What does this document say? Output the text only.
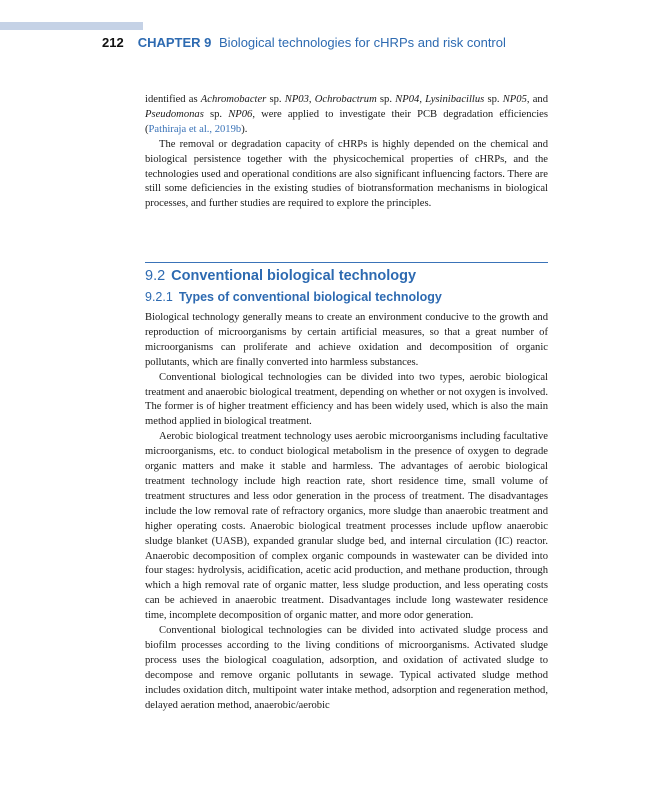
212 CHAPTER 9 Biological technologies for cHRPs and risk control

identified as Achromobacter sp. NP03, Ochrobactrum sp. NP04, Lysinibacillus sp. NP05, and Pseudomonas sp. NP06, were applied to investigate their PCB degradation efficiencies (Pathiraja et al., 2019b).

The removal or degradation capacity of cHRPs is highly depended on the chemical and biological persistence together with the physicochemical properties of cHRPs, and the technologies used and operational conditions are also significant influencing factors. There are still some deficiencies in the existing studies of biotransformation mechanisms in biological processes, and further studies are required to explore the principles.

9.2 Conventional biological technology
9.2.1 Types of conventional biological technology

Biological technology generally means to create an environment conducive to the growth and reproduction of microorganisms by certain artificial measures, so that a great number of microorganisms can proliferate and achieve oxidation and decomposition of organic pollutants, which are finally converted into harmless substances.

Conventional biological technologies can be divided into two types, aerobic biological treatment and anaerobic biological treatment, depending on whether or not oxygen is involved. The former is of higher treatment efficiency and has been widely used, which is also the main method applied in biological treatment.

Aerobic biological treatment technology uses aerobic microorganisms including facultative microorganisms, etc. to conduct biological metabolism in the presence of oxygen to degrade organic matters and make it stable and harmless. The advantages of aerobic biological treatment technology include high reaction rate, short residence time, small volume of treatment structures and less odor generation in the process of treatment. The disadvantages include the low removal rate of refractory organics, more sludge than anaerobic treatment and higher operating costs. Anaerobic biological treatment processes include upflow anaerobic sludge blanket (UASB), expanded granular sludge bed, and internal circulation (IC) reactor. Anaerobic decomposition of complex organic compounds in wastewater can be divided into four stages: hydrolysis, acidification, acetic acid production, and methane production, through which a high removal rate of organic matter, less sludge production, and less operating costs can be achieved in anaerobic treatment. Disadvantages include long wastewater residence time, incomplete decomposition of organic matter, and more odor generation.

Conventional biological technologies can be divided into activated sludge process and biofilm processes according to the living conditions of microorganisms. Activated sludge process uses the biological coagulation, adsorption, and oxidation of activated sludge to decompose and remove organic pollutants in sewage. Typical activated sludge method includes oxidation ditch, multipoint water intake method, adsorption and regeneration method, delayed aeration method, anaerobic/aerobic
